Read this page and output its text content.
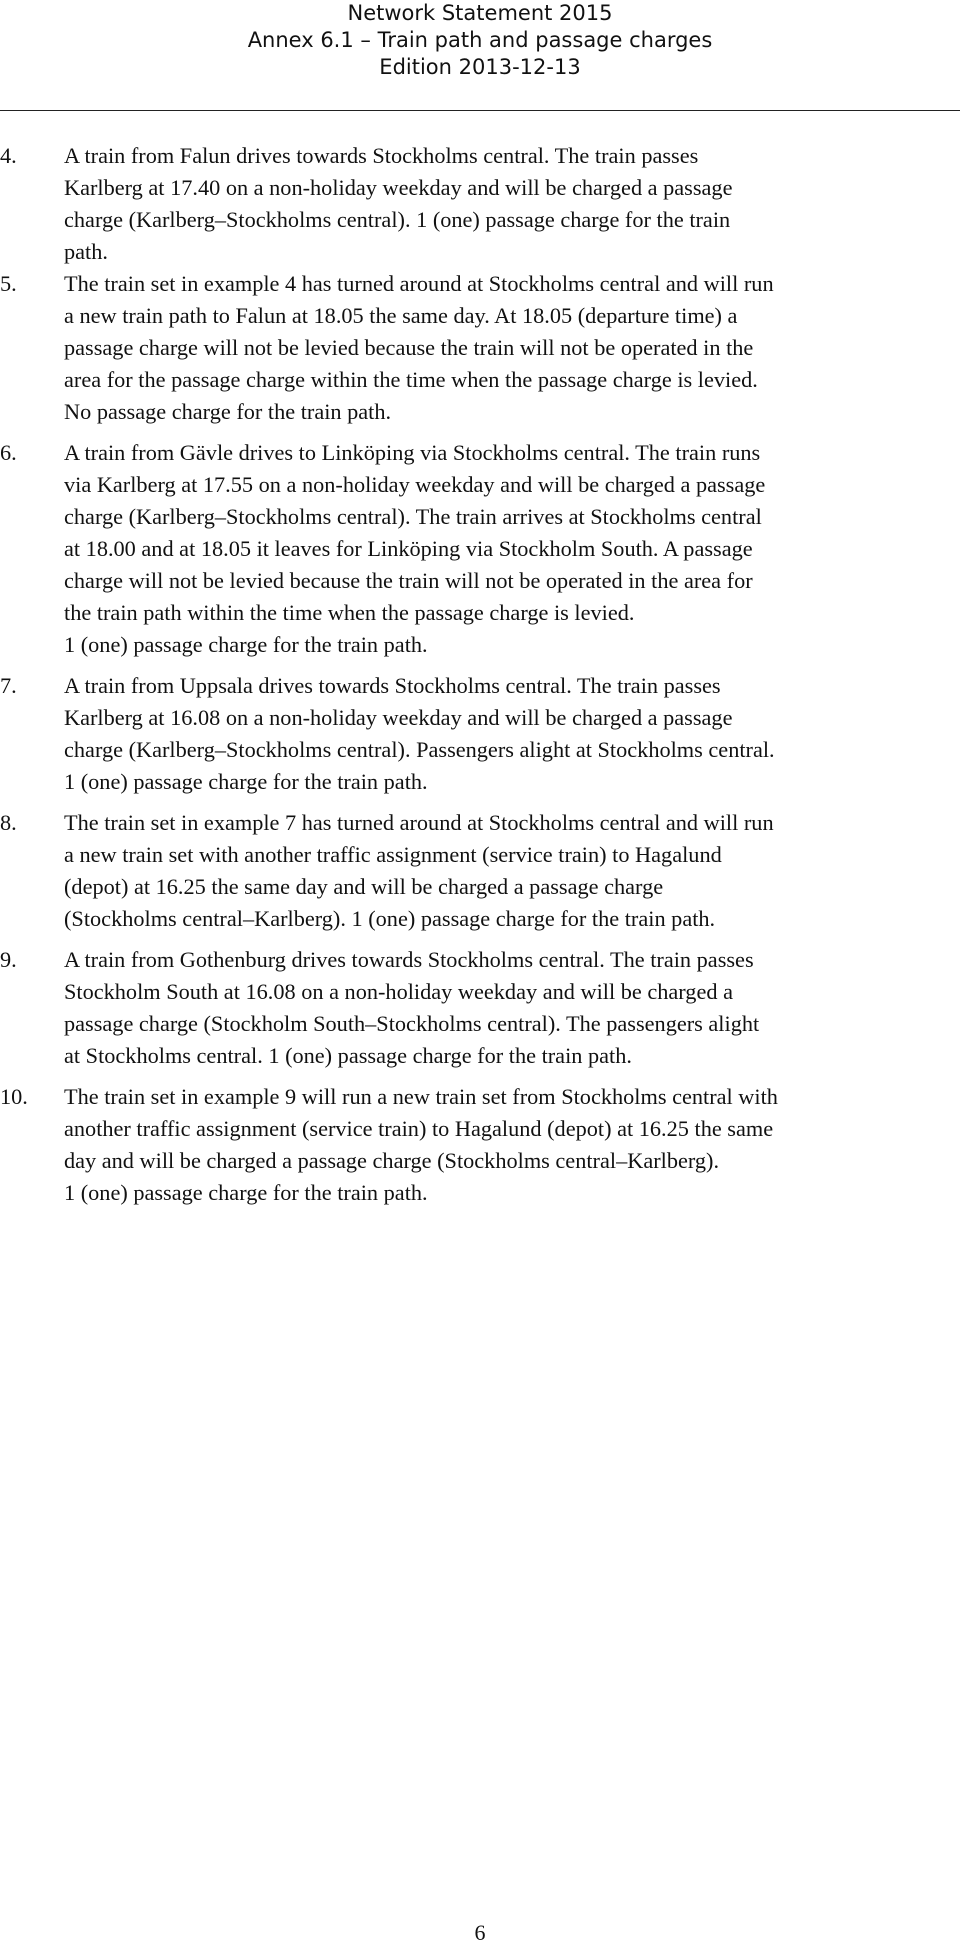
Network Statement 2015
Annex 6.1 – Train path and passage charges
Edition 2013-12-13
4. A train from Falun drives towards Stockholms central. The train passes
Karlberg at 17.40 on a non-holiday weekday and will be charged a passage
charge (Karlberg–Stockholms central). 1 (one) passage charge for the train
path.
5. The train set in example 4 has turned around at Stockholms central and will run
a new train path to Falun at 18.05 the same day. At 18.05 (departure time) a
passage charge will not be levied because the train will not be operated in the
area for the passage charge within the time when the passage charge is levied.
No passage charge for the train path.
6. A train from Gävle drives to Linköping via Stockholms central. The train runs
via Karlberg at 17.55 on a non-holiday weekday and will be charged a passage
charge (Karlberg–Stockholms central). The train arrives at Stockholms central
at 18.00 and at 18.05 it leaves for Linköping via Stockholm South. A passage
charge will not be levied because the train will not be operated in the area for
the train path within the time when the passage charge is levied.
1 (one) passage charge for the train path.
7. A train from Uppsala drives towards Stockholms central. The train passes
Karlberg at 16.08 on a non-holiday weekday and will be charged a passage
charge (Karlberg–Stockholms central). Passengers alight at Stockholms central.
1 (one) passage charge for the train path.
8. The train set in example 7 has turned around at Stockholms central and will run
a new train set with another traffic assignment (service train) to Hagalund
(depot) at 16.25 the same day and will be charged a passage charge
(Stockholms central–Karlberg). 1 (one) passage charge for the train path.
9. A train from Gothenburg drives towards Stockholms central. The train passes
Stockholm South at 16.08 on a non-holiday weekday and will be charged a
passage charge (Stockholm South–Stockholms central). The passengers alight
at Stockholms central. 1 (one) passage charge for the train path.
10. The train set in example 9 will run a new train set from Stockholms central with
another traffic assignment (service train) to Hagalund (depot) at 16.25 the same
day and will be charged a passage charge (Stockholms central–Karlberg).
1 (one) passage charge for the train path.
6
